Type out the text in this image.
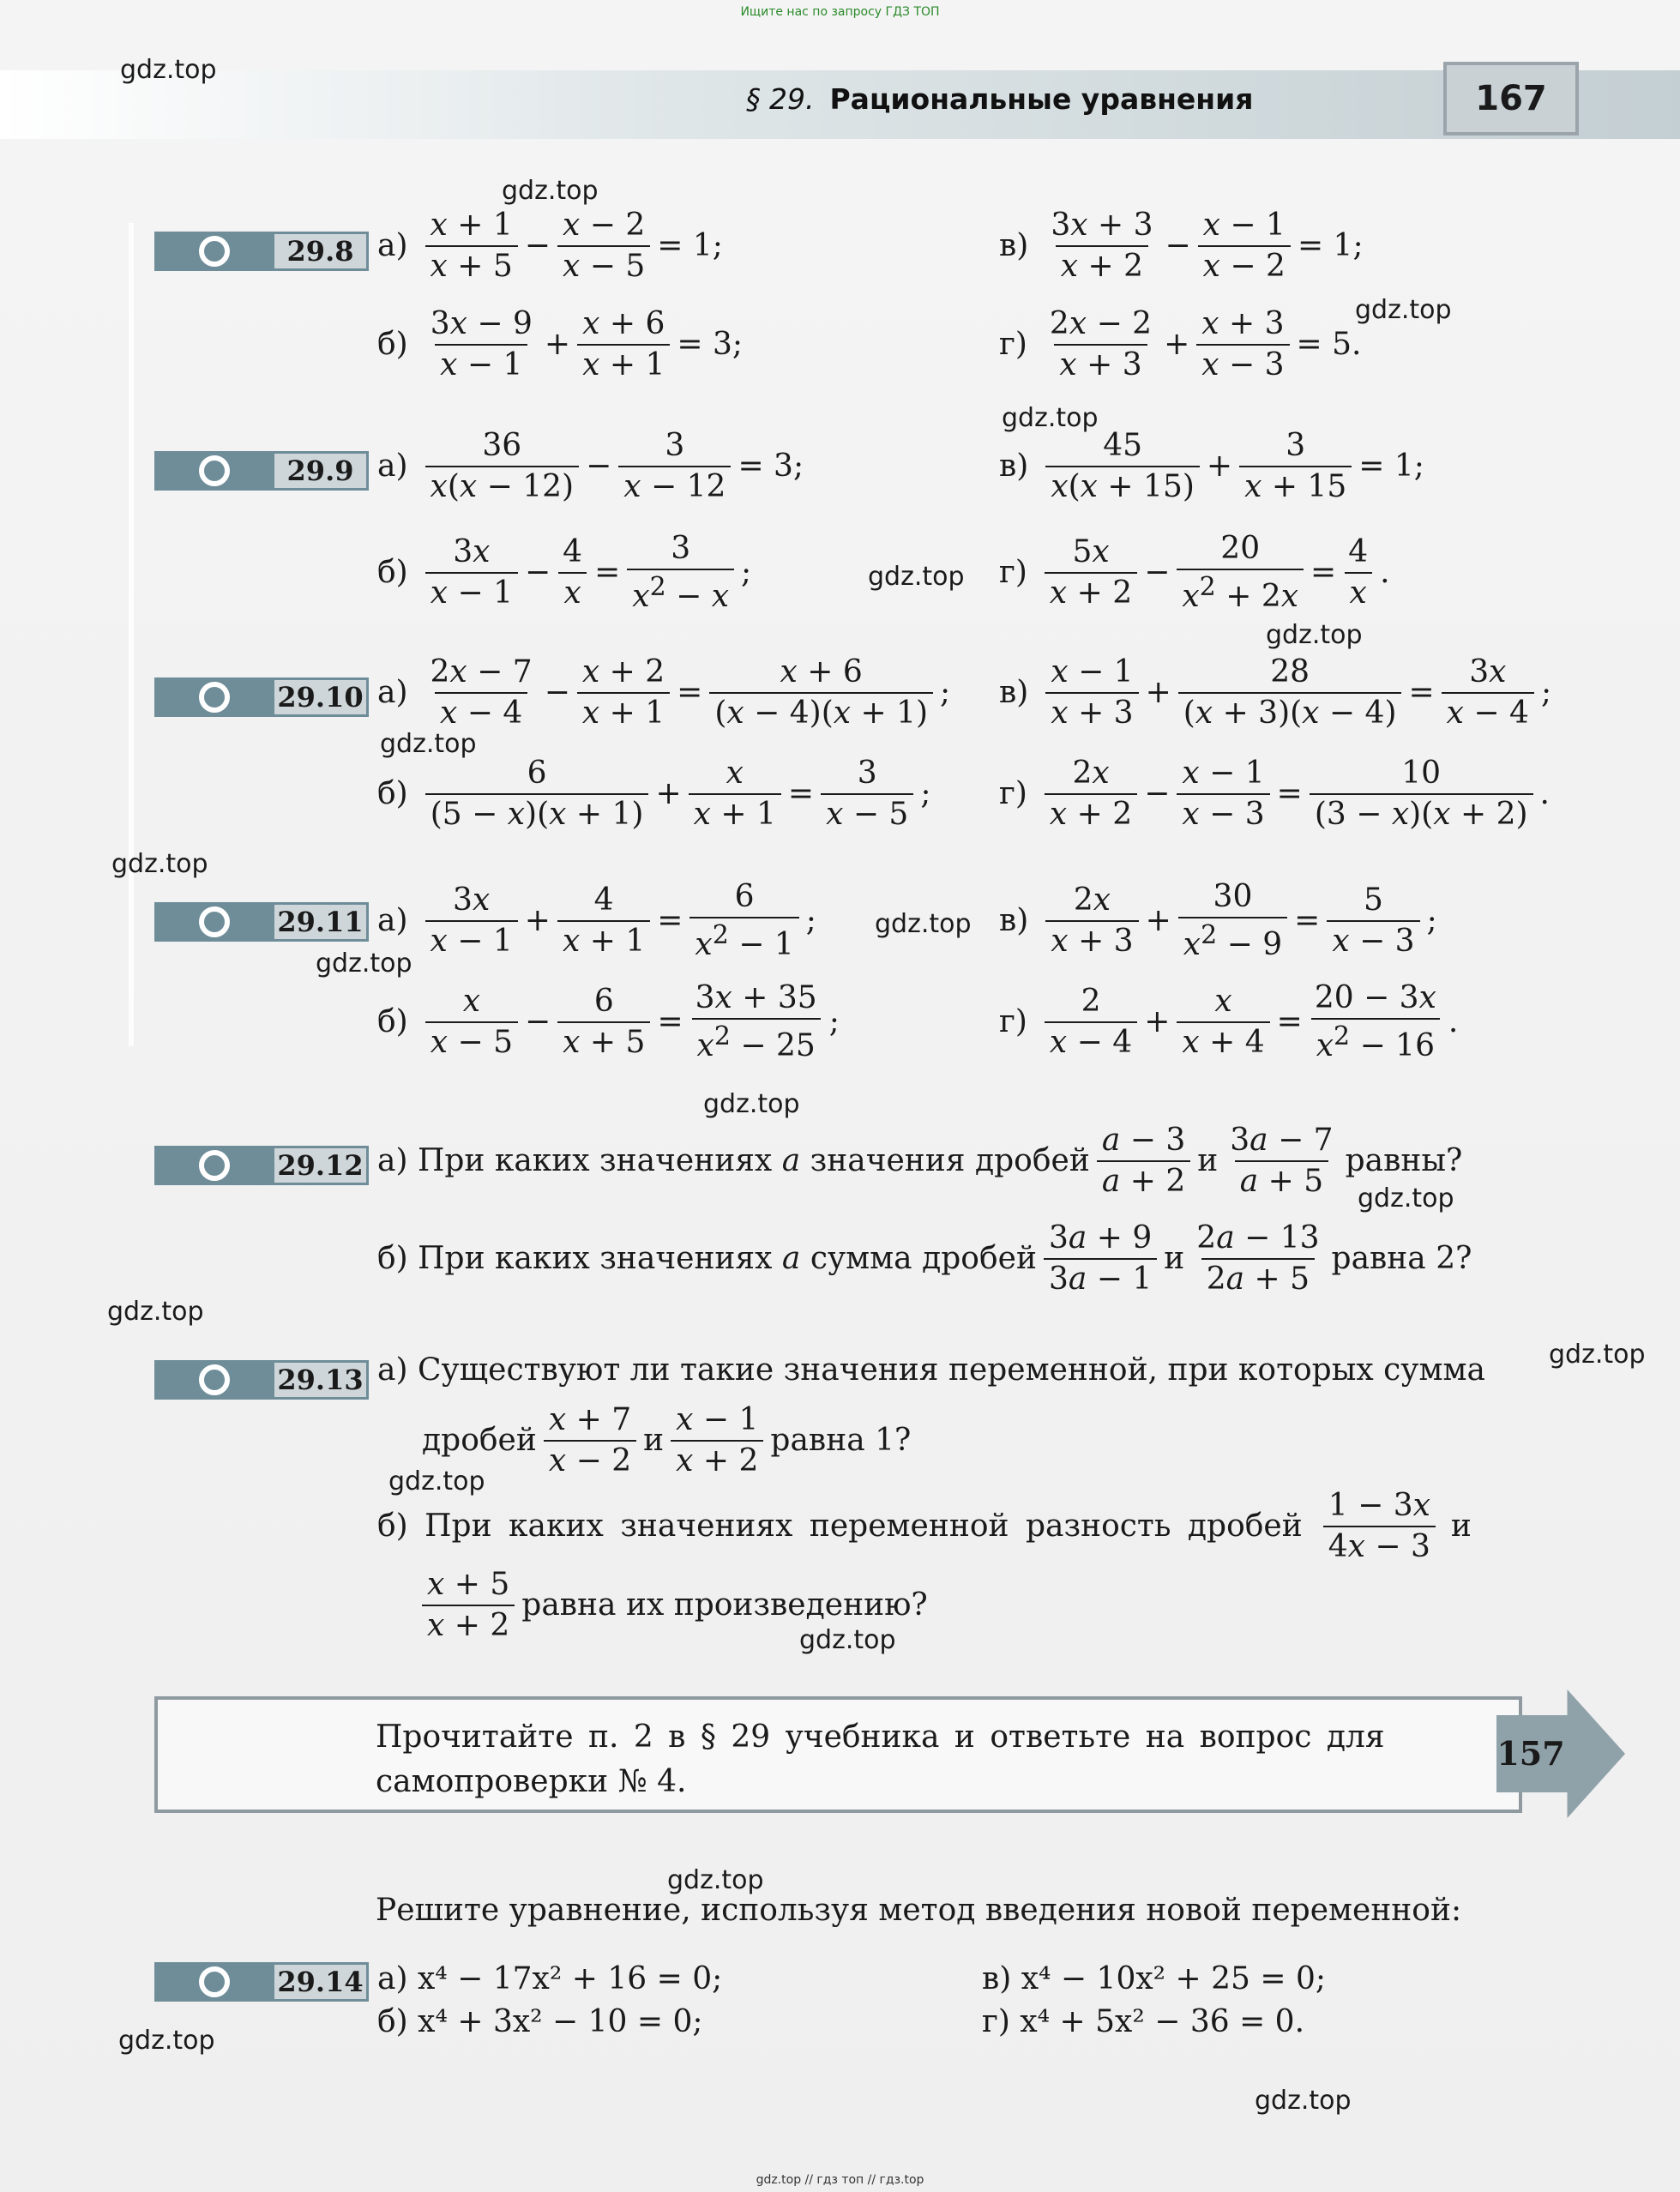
Ищите нас по запросу ГДЗ ТОП
§ 29. Рациональные уравнения	167
gdz.top
gdz.top
gdz.top
gdz.top
gdz.top
gdz.top
gdz.top
gdz.top
gdz.top
gdz.top
gdz.top
gdz.top
gdz.top
gdz.top
gdz.top
gdz.top
gdz.top
gdz.top
gdz.top
29.8 $а) \frac{x + 1}{x + 5} - \frac{x - 2}{x - 5} = 1$;	$в) \frac{3x + 3}{x + 2} - \frac{x - 1}{x - 2} = 1$;
$б) \frac{3x - 9}{x - 1} + \frac{x + 6}{x + 1} = 3$;	$г) \frac{2x - 2}{x + 3} + \frac{x + 3}{x - 3} = 5$.
29.9 $а) \frac{36}{x(x - 12)} - \frac{3}{x - 12} = 3$;	$в) \frac{45}{x(x + 15)} + \frac{3}{x + 15} = 1$;
$б) \frac{3x}{x - 1} - \frac{4}{x} = \frac{3}{x^2 - x}$ ;	$г) \frac{5x}{x + 2} - \frac{20}{x^2 + 2x} = \frac{4}{x}$ .
29.10 $а) \frac{2x - 7}{x - 4} - \frac{x + 2}{x + 1} = \frac{x + 6}{(x - 4)(x + 1)}$ ; $в) \frac{x - 1}{x + 3} + \frac{28}{(x + 3)(x - 4)} = \frac{3x}{x - 4}$ ;
$б) \frac{6}{(5 - x)(x + 1)} + \frac{x}{x + 1} = \frac{3}{x - 5}$ ; $г) \frac{2x}{x + 2} - \frac{x - 1}{x - 3} = \frac{10}{(3 - x)(x + 2)}$ .
29.11 $а) \frac{3x}{x - 1} + \frac{4}{x + 1} = \frac{6}{x^2 - 1}$ ;	$в) \frac{2x}{x + 3} + \frac{30}{x^2 - 9} = \frac{5}{x - 3}$ ;
$б) \frac{x}{x - 5} - \frac{6}{x + 5} = \frac{3x + 35}{x^2 - 25}$ ;	$г) \frac{2}{x - 4} + \frac{x}{x + 4} = \frac{20 - 3x}{x^2 - 16}$ .
29.12 а) При каких значениях
a
значения дробей $\frac{a - 3}{a + 2}$ и $\frac{3a - 7}{a + 5}$ равны?
б) При каких значениях
a
сумма дробей $\frac{3a + 9}{3a - 1}$ и $\frac{2a - 13}{2a + 5}$ равна 2?
29.13 а) Существуют ли такие значения переменной, при которых сумма
дробей $\frac{x + 7}{x - 2}$ и $\frac{x - 1}{x + 2}$ равна 1?
б) При каких значениях переменной разность дробей $\frac{1 - 3x}{4x - 3}$ и
$\frac{x + 5}{x + 2}$ равна их произведению?
157
Прочитайте п. 2 в § 29 учебника и ответьте на вопрос для
самопроверки № 4.
Решите уравнение, используя метод введения новой переменной:
29.14 а) x⁴ − 17x² + 16 = 0;	в) x⁴ − 10x² + 25 = 0;
б) x⁴ + 3x² − 10 = 0;	г) x⁴ + 5x² − 36 = 0.
gdz.top // гдз топ // гдз.top
